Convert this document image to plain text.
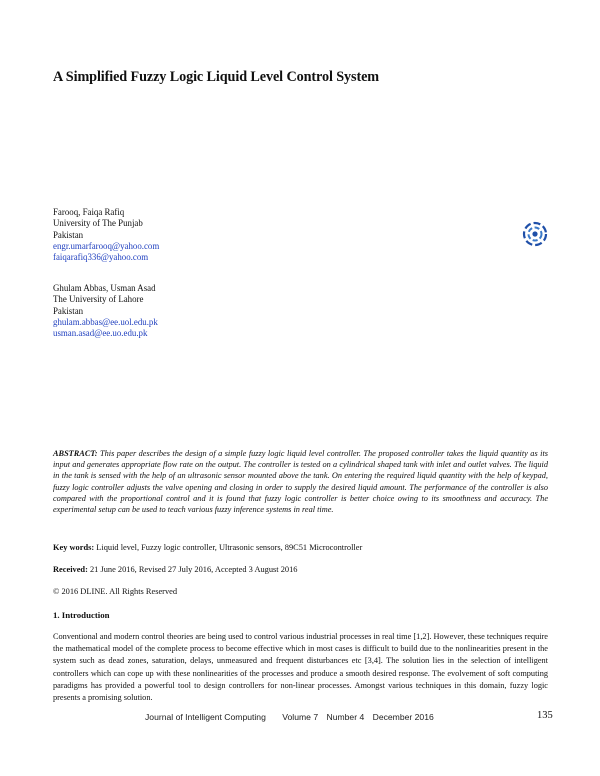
A Simplified Fuzzy Logic Liquid Level Control System
Farooq, Faiqa Rafiq
University of The Punjab
Pakistan
engr.umarfarooq@yahoo.com
faiqarafiq336@yahoo.com
Ghulam Abbas, Usman Asad
The University of Lahore
Pakistan
ghulam.abbas@ee.uol.edu.pk
usman.asad@ee.uo.edu.pk
ABSTRACT: This paper describes the design of a simple fuzzy logic liquid level controller. The proposed controller takes the liquid quantity as its input and generates appropriate flow rate on the output. The controller is tested on a cylindrical shaped tank with inlet and outlet valves. The liquid in the tank is sensed with the help of an ultrasonic sensor mounted above the tank. On entering the required liquid quantity with the help of keypad, fuzzy logic controller adjusts the valve opening and closing in order to supply the desired liquid amount. The performance of the controller is also compared with the proportional control and it is found that fuzzy logic controller is better choice owing to its smoothness and accuracy. The experimental setup can be used to teach various fuzzy inference systems in real time.
Key words: Liquid level, Fuzzy logic controller, Ultrasonic sensors, 89C51 Microcontroller
Received: 21 June 2016, Revised 27 July 2016, Accepted 3 August 2016
© 2016 DLINE. All Rights Reserved
1. Introduction
Conventional and modern control theories are being used to control various industrial processes in real time [1,2]. However, these techniques require the mathematical model of the complete process to become effective which in most cases is difficult to build due to the nonlinearities present in the system such as dead zones, saturation, delays, unmeasured and frequent disturbances etc [3,4]. The solution lies in the selection of intelligent controllers which can cope up with these nonlinearities of the processes and produce a smooth desired response. The evolvement of soft computing paradigms has provided a powerful tool to design controllers for non-linear processes. Amongst various techniques in this domain, fuzzy logic presents a promising solution.
Journal of Intelligent Computing Volume 7 Number 4 December 2016	135
